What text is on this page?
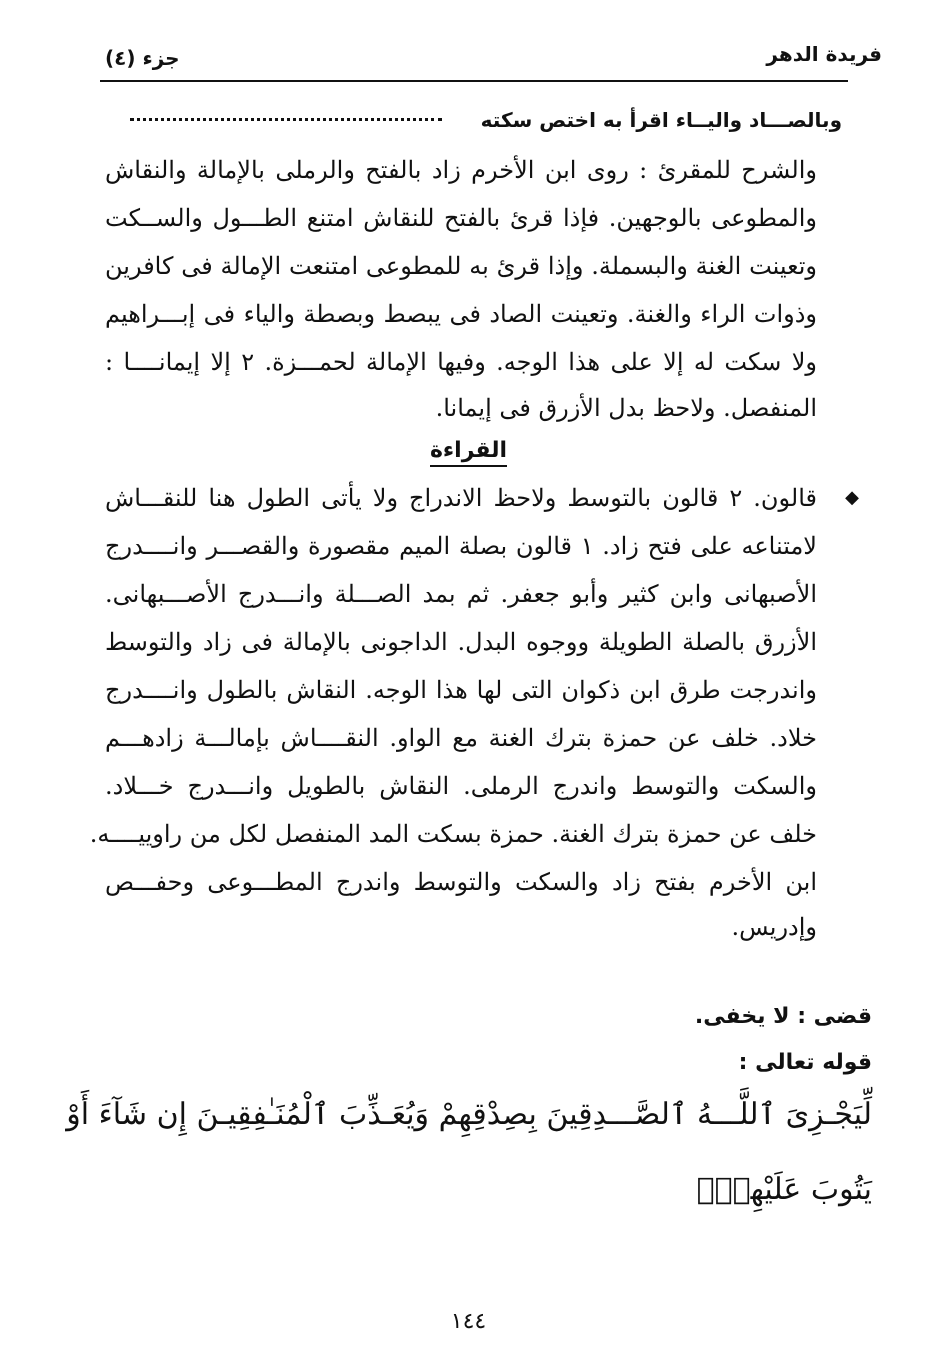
فريدة الدهر
جزء (٤)
وبالصـــاد واليــاء اقرأ به اختص سكته
والشرح للمقرئ : روى ابن الأخرم زاد بالفتح والرملى بالإمالة والنقاش
والمطوعى بالوجهين. فإذا قرئ بالفتح للنقاش امتنع الطـــول والســكت
وتعينت الغنة والبسملة. وإذا قرئ به للمطوعى امتنعت الإمالة فى كافرين
وذوات الراء والغنة. وتعينت الصاد فى يبصط وبصطة والياء فى إبـــراهيم
ولا سكت له إلا على هذا الوجه. وفيها الإمالة لحمـــزة. ٢ إلا إيمانــــا :
المنفصل. ولاحظ بدل الأزرق فى إيمانا.
القراءة
◆
قالون. ٢ قالون بالتوسط ولاحظ الاندراج ولا يأتى الطول هنا للنقـــاش
لامتناعه على فتح زاد. ١ قالون بصلة الميم مقصورة والقصـــر وانــــدرج
الأصبهانى وابن كثير وأبو جعفر. ثم بمد الصـــلة وانـــدرج الأصـــبهانى.
الأزرق بالصلة الطويلة ووجوه البدل. الداجونى بالإمالة فى زاد والتوسط
واندرجت طرق ابن ذكوان التى لها هذا الوجه. النقاش بالطول وانــــدرج
خلاد. خلف عن حمزة بترك الغنة مع الواو. النقــــاش بإمالـــة زادهـــم
والسكت والتوسط واندرج الرملى. النقاش بالطويل وانـــدرج خـــلاد.
خلف عن حمزة بترك الغنة. حمزة بسكت المد المنفصل لكل من راوييــــه.
ابن الأخرم بفتح زاد والسكت والتوسط واندرج المطـــوعى وحفـــص
وإدريس.
قضى : لا يخفى.
قوله تعالى :
لِّيَجْـزِىَ ٱللَّـــهُ ٱلصَّـــدِقِينَ بِصِدْقِهِمْ وَيُعَـذِّبَ ٱلْمُنَـٰفِقِيـنَ إِن شَآءَ أَوْ
يَتُوبَ عَلَيْهِمْۚ
١٤٤
